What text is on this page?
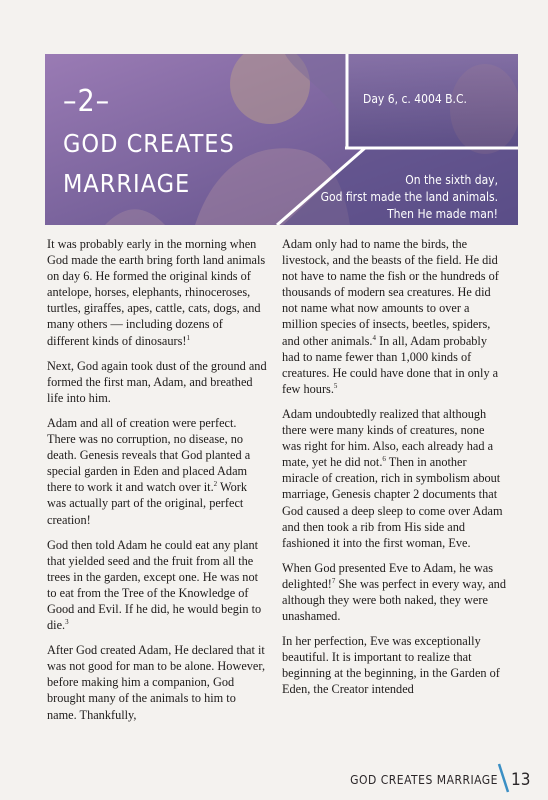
–2–
GOD CREATES MARRIAGE
Day 6, c. 4004 B.C.
On the sixth day,
God first made the land animals.
Then He made man!

It was probably early in the morning when God made the earth bring forth land animals on day 6. He formed the original kinds of antelope, horses, elephants, rhinoceroses, turtles, giraffes, apes, cattle, cats, dogs, and many others — including dozens of different kinds of dinosaurs!$^1$

Next, God again took dust of the ground and formed the first man, Adam, and breathed life into him.

Adam and all of creation were perfect. There was no corruption, no disease, no death. Genesis reveals that God planted a special garden in Eden and placed Adam there to work it and watch over it.$^2$ Work was actually part of the original, perfect creation!

God then told Adam he could eat any plant that yielded seed and the fruit from all the trees in the garden, except one. He was not to eat from the Tree of the Knowledge of Good and Evil. If he did, he would begin to die.$^3$

After God created Adam, He declared that it was not good for man to be alone. However, before making him a companion, God brought many of the animals to him to name. Thankfully,

Adam only had to name the birds, the livestock, and the beasts of the field. He did not have to name the fish or the hundreds of thousands of modern sea creatures. He did not name what now amounts to over a million species of insects, beetles, spiders, and other animals.$^4$ In all, Adam probably had to name fewer than 1,000 kinds of creatures. He could have done that in only a few hours.$^5$

Adam undoubtedly realized that although there were many kinds of creatures, none was right for him. Also, each already had a mate, yet he did not.$^6$ Then in another miracle of creation, rich in symbolism about marriage, Genesis chapter 2 documents that God caused a deep sleep to come over Adam and then took a rib from His side and fashioned it into the first woman, Eve.

When God presented Eve to Adam, he was delighted!$^7$ She was perfect in every way, and although they were both naked, they were unashamed.

In her perfection, Eve was exceptionally beautiful. It is important to realize that beginning at the beginning, in the Garden of Eden, the Creator intended

GOD CREATES MARRIAGE 13
